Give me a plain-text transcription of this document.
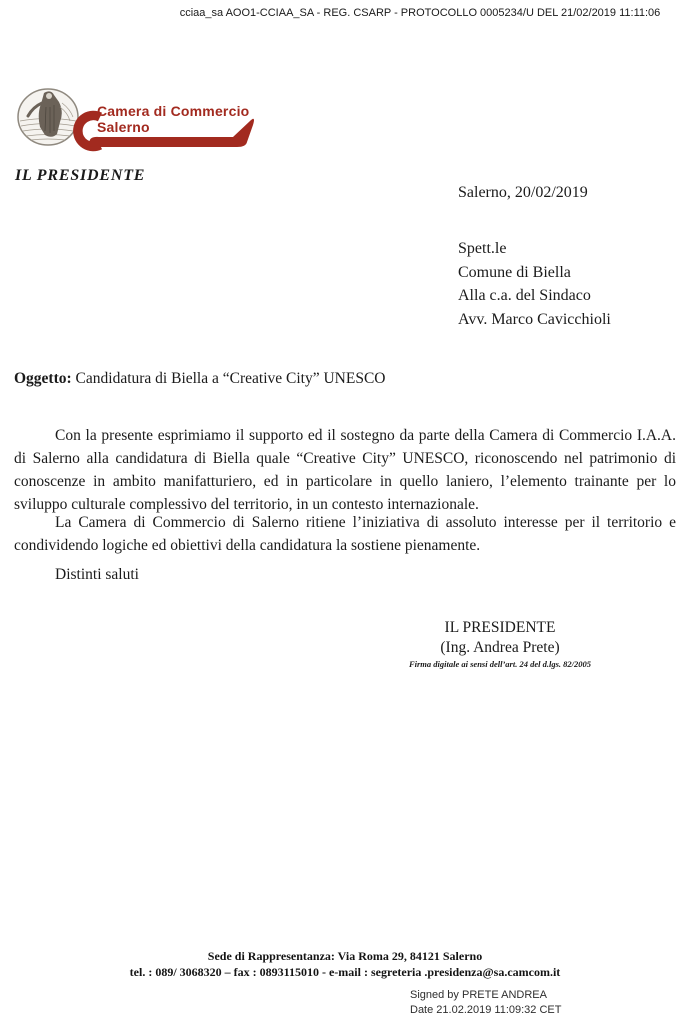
cciaa_sa AOO1-CCIAA_SA - REG. CSARP - PROTOCOLLO 0005234/U DEL 21/02/2019 11:11:06
Camera di Commercio
Salerno
IL PRESIDENTE
Salerno, 20/02/2019
Spett.le
Comune di Biella
Alla c.a. del Sindaco
Avv. Marco Cavicchioli
Oggetto: Candidatura di Biella a “Creative City” UNESCO
Con la presente esprimiamo il supporto ed il sostegno da parte della Camera di Commercio I.A.A. di Salerno alla candidatura di Biella quale “Creative City” UNESCO, riconoscendo nel patrimonio di conoscenze in ambito manifatturiero, ed in particolare in quello laniero, l’elemento trainante per lo sviluppo culturale complessivo del territorio, in un contesto internazionale.
La Camera di Commercio di Salerno ritiene l’iniziativa di assoluto interesse per il territorio e condividendo logiche ed obiettivi della candidatura la sostiene pienamente.
Distinti saluti
IL PRESIDENTE
(Ing. Andrea Prete)
Firma digitale ai sensi dell’art. 24 del d.lgs. 82/2005
Sede di Rappresentanza: Via Roma 29, 84121 Salerno
tel. : 089/ 3068320 – fax : 0893115010 - e-mail : segreteria .presidenza@sa.camcom.it
Signed by PRETE ANDREA
Date 21.02.2019 11:09:32 CET
